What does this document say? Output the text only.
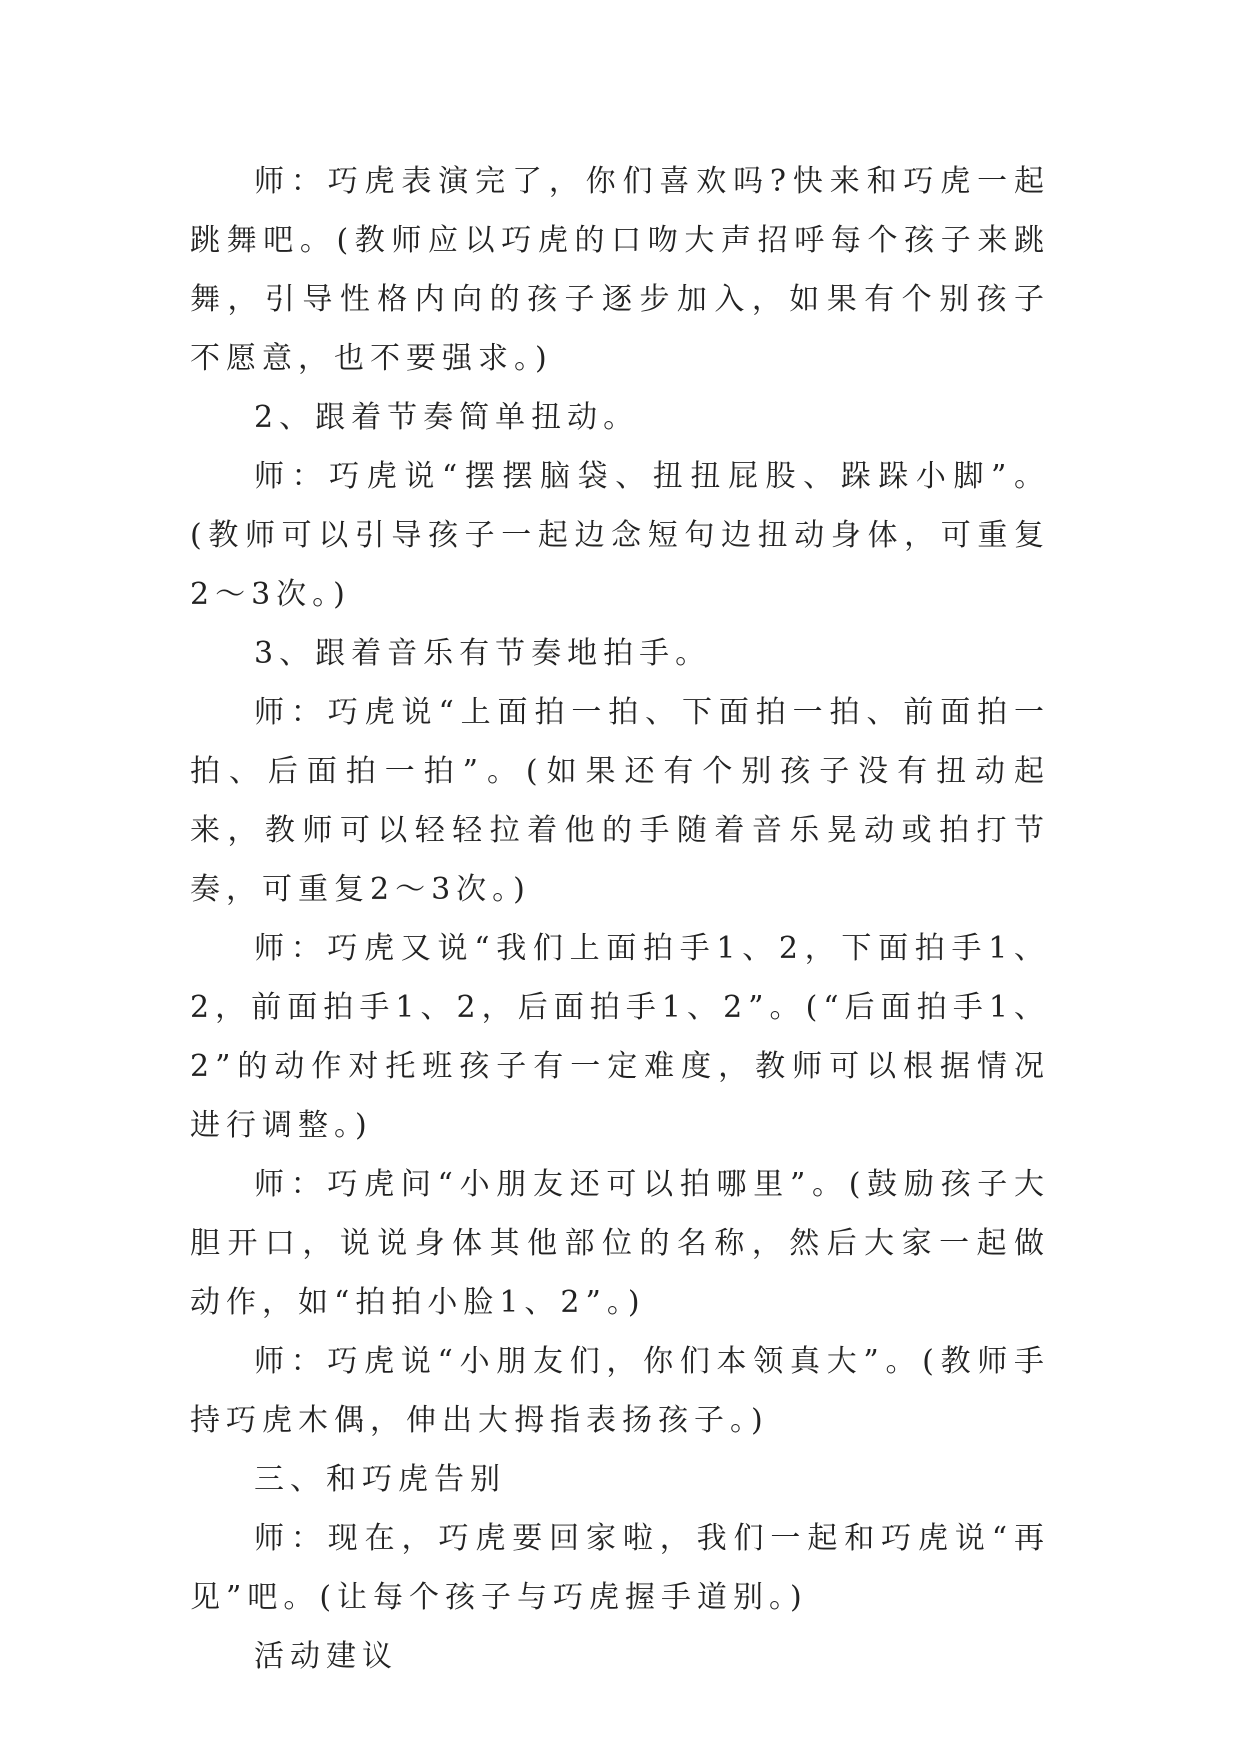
师：巧虎表演完了，你们喜欢吗?快来和巧虎一起跳舞吧。(教师应以巧虎的口吻大声招呼每个孩子来跳舞，引导性格内向的孩子逐步加入，如果有个别孩子不愿意，也不要强求。)

2、跟着节奏简单扭动。

师：巧虎说“摆摆脑袋、扭扭屁股、跺跺小脚”。(教师可以引导孩子一起边念短句边扭动身体，可重复2～3次。)

3、跟着音乐有节奏地拍手。

师：巧虎说“上面拍一拍、下面拍一拍、前面拍一拍、后面拍一拍”。(如果还有个别孩子没有扭动起来，教师可以轻轻拉着他的手随着音乐晃动或拍打节奏，可重复2～3次。)

师：巧虎又说“我们上面拍手1、2，下面拍手1、2，前面拍手1、2，后面拍手1、2”。(“后面拍手1、2”的动作对托班孩子有一定难度，教师可以根据情况进行调整。)

师：巧虎问“小朋友还可以拍哪里”。(鼓励孩子大胆开口，说说身体其他部位的名称，然后大家一起做动作，如“拍拍小脸1、2”。)

师：巧虎说“小朋友们，你们本领真大”。(教师手持巧虎木偶，伸出大拇指表扬孩子。)

三、和巧虎告别

师：现在，巧虎要回家啦，我们一起和巧虎说“再见”吧。(让每个孩子与巧虎握手道别。)

活动建议
